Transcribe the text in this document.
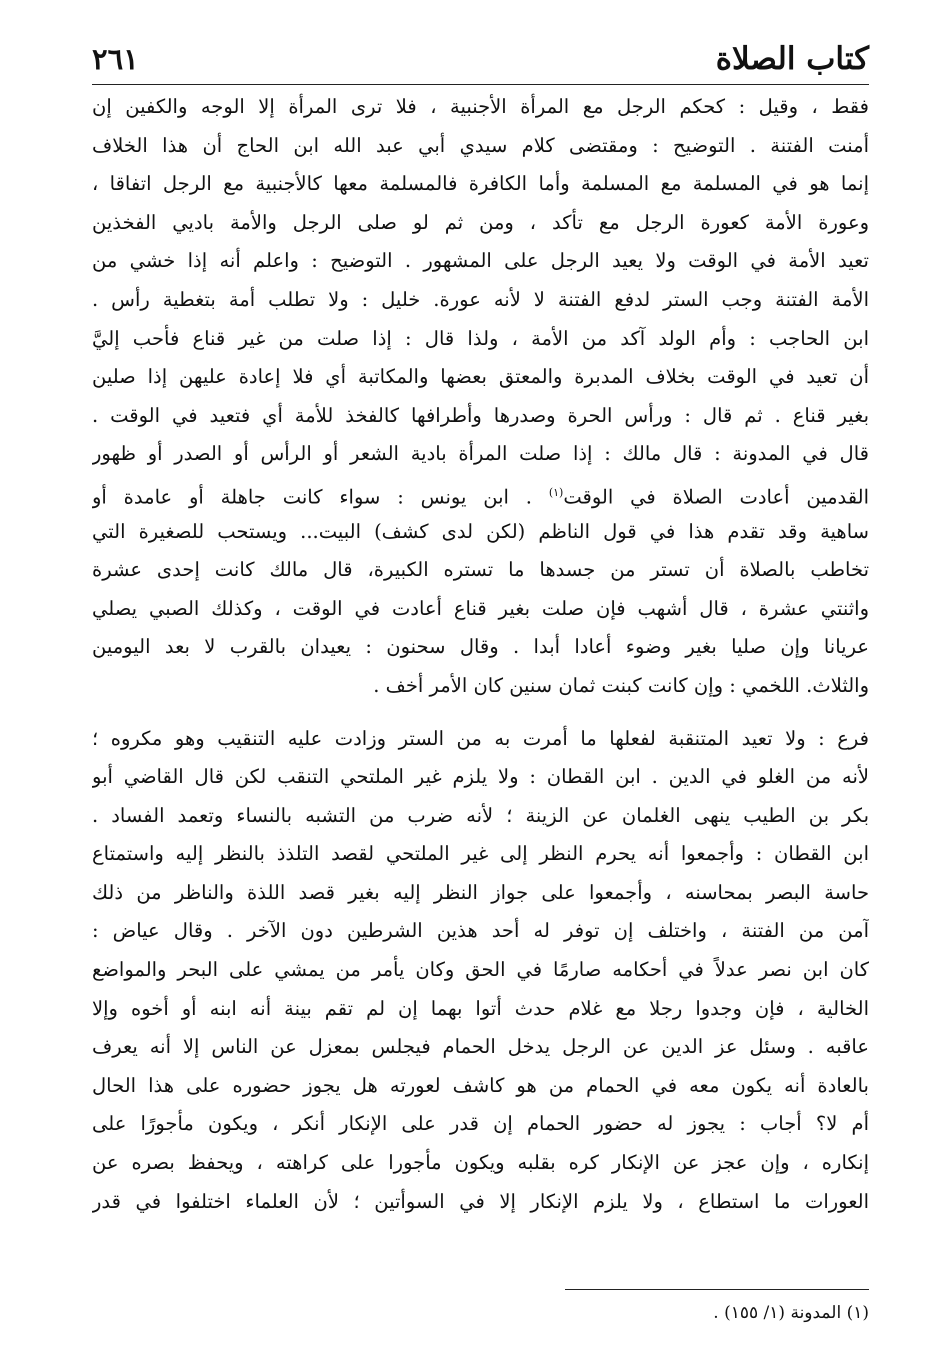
كتاب الصلاة
٢٦١
فقط ، وقيل : كحكم الرجل مع المرأة الأجنبية ، فلا ترى المرأة إلا الوجه والكفين إن
أمنت الفتنة . التوضيح : ومقتضى كلام سيدي أبي عبد الله ابن الحاج أن هذا الخلاف
إنما هو في المسلمة مع المسلمة وأما الكافرة فالمسلمة معها كالأجنبية مع الرجل اتفاقا ،
وعورة الأمة كعورة الرجل مع تأكد ، ومن ثم لو صلى الرجل والأمة باديي الفخذين
تعيد الأمة في الوقت ولا يعيد الرجل على المشهور . التوضيح : واعلم أنه إذا خشي من
الأمة الفتنة وجب الستر لدفع الفتنة لا لأنه عورة. خليل : ولا تطلب أمة بتغطية رأس .
ابن الحاجب : وأم الولد آكد من الأمة ، ولذا قال : إذا صلت من غير قناع فأحب إليَّ
أن تعيد في الوقت بخلاف المدبرة والمعتق بعضها والمكاتبة أي فلا إعادة عليهن إذا صلين
بغير قناع . ثم قال : ورأس الحرة وصدرها وأطرافها كالفخذ للأمة أي فتعيد في الوقت .
قال في المدونة : قال مالك : إذا صلت المرأة بادية الشعر أو الرأس أو الصدر أو ظهور
القدمين أعادت الصلاة في الوقت$^{(١)}$ . ابن يونس : سواء كانت جاهلة أو عامدة أو
ساهية وقد تقدم هذا في قول الناظم (لكن لدى كشف) البيت... ويستحب للصغيرة التي
تخاطب بالصلاة أن تستر من جسدها ما تستره الكبيرة، قال مالك كانت إحدى عشرة
واثنتي عشرة ، قال أشهب فإن صلت بغير قناع أعادت في الوقت ، وكذلك الصبي يصلي
عريانا وإن صليا بغير وضوء أعادا أبدا . وقال سحنون : يعيدان بالقرب لا بعد اليومين
والثلاث. اللخمي : وإن كانت كبنت ثمان سنين كان الأمر أخف .
فرع : ولا تعيد المتنقبة لفعلها ما أمرت به من الستر وزادت عليه التنقيب وهو مكروه ؛
لأنه من الغلو في الدين . ابن القطان : ولا يلزم غير الملتحي التنقب لكن قال القاضي أبو
بكر بن الطيب ينهى الغلمان عن الزينة ؛ لأنه ضرب من التشبه بالنساء وتعمد الفساد .
ابن القطان : وأجمعوا أنه يحرم النظر إلى غير الملتحي لقصد التلذذ بالنظر إليه واستمتاع
حاسة البصر بمحاسنه ، وأجمعوا على جواز النظر إليه بغير قصد اللذة والناظر من ذلك
آمن من الفتنة ، واختلف إن توفر له أحد هذين الشرطين دون الآخر . وقال عياض :
كان ابن نصر عدلاً في أحكامه صارمًا في الحق وكان يأمر من يمشي على البحر والمواضع
الخالية ، فإن وجدوا رجلا مع غلام حدث أتوا بهما إن لم تقم بينة أنه ابنه أو أخوه وإلا
عاقبه . وسئل عز الدين عن الرجل يدخل الحمام فيجلس بمعزل عن الناس إلا أنه يعرف
بالعادة أنه يكون معه في الحمام من هو كاشف لعورته هل يجوز حضوره على هذا الحال
أم لا؟ أجاب : يجوز له حضور الحمام إن قدر على الإنكار أنكر ، ويكون مأجورًا على
إنكاره ، وإن عجز عن الإنكار كره بقلبه ويكون مأجورا على كراهته ، ويحفظ بصره عن
العورات ما استطاع ، ولا يلزم الإنكار إلا في السوأتين ؛ لأن العلماء اختلفوا في قدر
(١) المدونة (١/ ١٥٥) .
